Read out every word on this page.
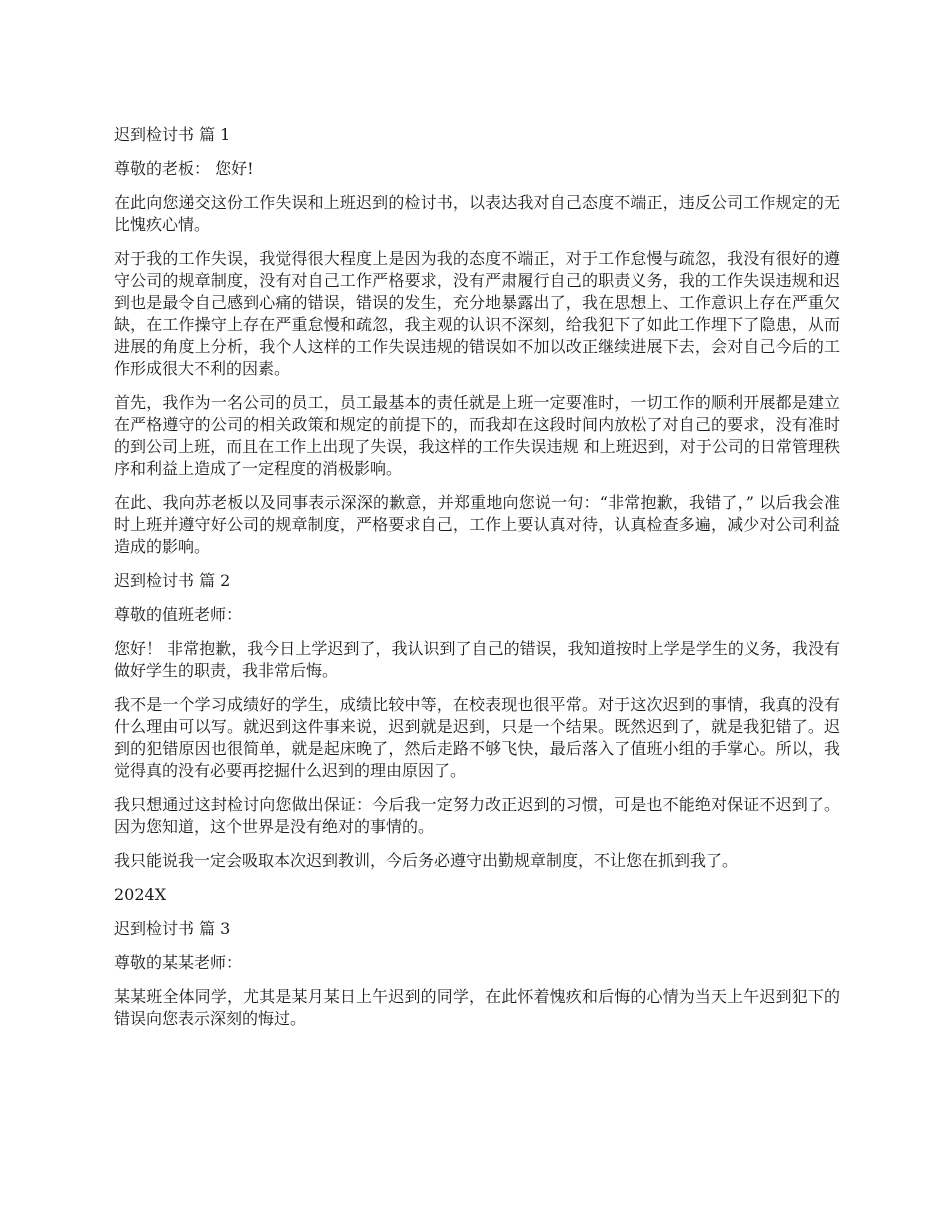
迟到检讨书 篇 1

尊敬的老板： 您好!

在此向您递交这份工作失误和上班迟到的检讨书，以表达我对自己态度不端正，违反公司工作规定的无比愧疚心情。

对于我的工作失误，我觉得很大程度上是因为我的态度不端正，对于工作怠慢与疏忽，我没有很好的遵守公司的规章制度，没有对自己工作严格要求，没有严肃履行自己的职责义务，我的工作失误违规和迟到也是最令自己感到心痛的错误，错误的发生，充分地暴露出了，我在思想上、工作意识上存在严重欠缺，在工作操守上存在严重怠慢和疏忽，我主观的认识不深刻，给我犯下了如此工作埋下了隐患，从而进展的角度上分析，我个人这样的工作失误违规的错误如不加以改正继续进展下去，会对自己今后的工作形成很大不利的因素。

首先，我作为一名公司的员工，员工最基本的责任就是上班一定要准时，一切工作的顺利开展都是建立在严格遵守的公司的相关政策和规定的前提下的，而我却在这段时间内放松了对自己的要求，没有准时的到公司上班，而且在工作上出现了失误，我这样的工作失误违规 和上班迟到，对于公司的日常管理秩序和利益上造成了一定程度的消极影响。

在此、我向苏老板以及同事表示深深的歉意，并郑重地向您说一句：“非常抱歉，我错了，” 以后我会准时上班并遵守好公司的规章制度，严格要求自己，工作上要认真对待，认真检查多遍，减少对公司利益造成的影响。

迟到检讨书 篇 2

尊敬的值班老师：

您好！ 非常抱歉，我今日上学迟到了，我认识到了自己的错误，我知道按时上学是学生的义务，我没有做好学生的职责，我非常后悔。

我不是一个学习成绩好的学生，成绩比较中等，在校表现也很平常。对于这次迟到的事情，我真的没有什么理由可以写。就迟到这件事来说，迟到就是迟到，只是一个结果。既然迟到了，就是我犯错了。迟到的犯错原因也很简单，就是起床晚了，然后走路不够飞快，最后落入了值班小组的手掌心。所以，我觉得真的没有必要再挖掘什么迟到的理由原因了。

我只想通过这封检讨向您做出保证：今后我一定努力改正迟到的习惯，可是也不能绝对保证不迟到了。因为您知道，这个世界是没有绝对的事情的。

我只能说我一定会吸取本次迟到教训，今后务必遵守出勤规章制度，不让您在抓到我了。

2024X

迟到检讨书 篇 3

尊敬的某某老师：

某某班全体同学，尤其是某月某日上午迟到的同学，在此怀着愧疚和后悔的心情为当天上午迟到犯下的错误向您表示深刻的悔过。
